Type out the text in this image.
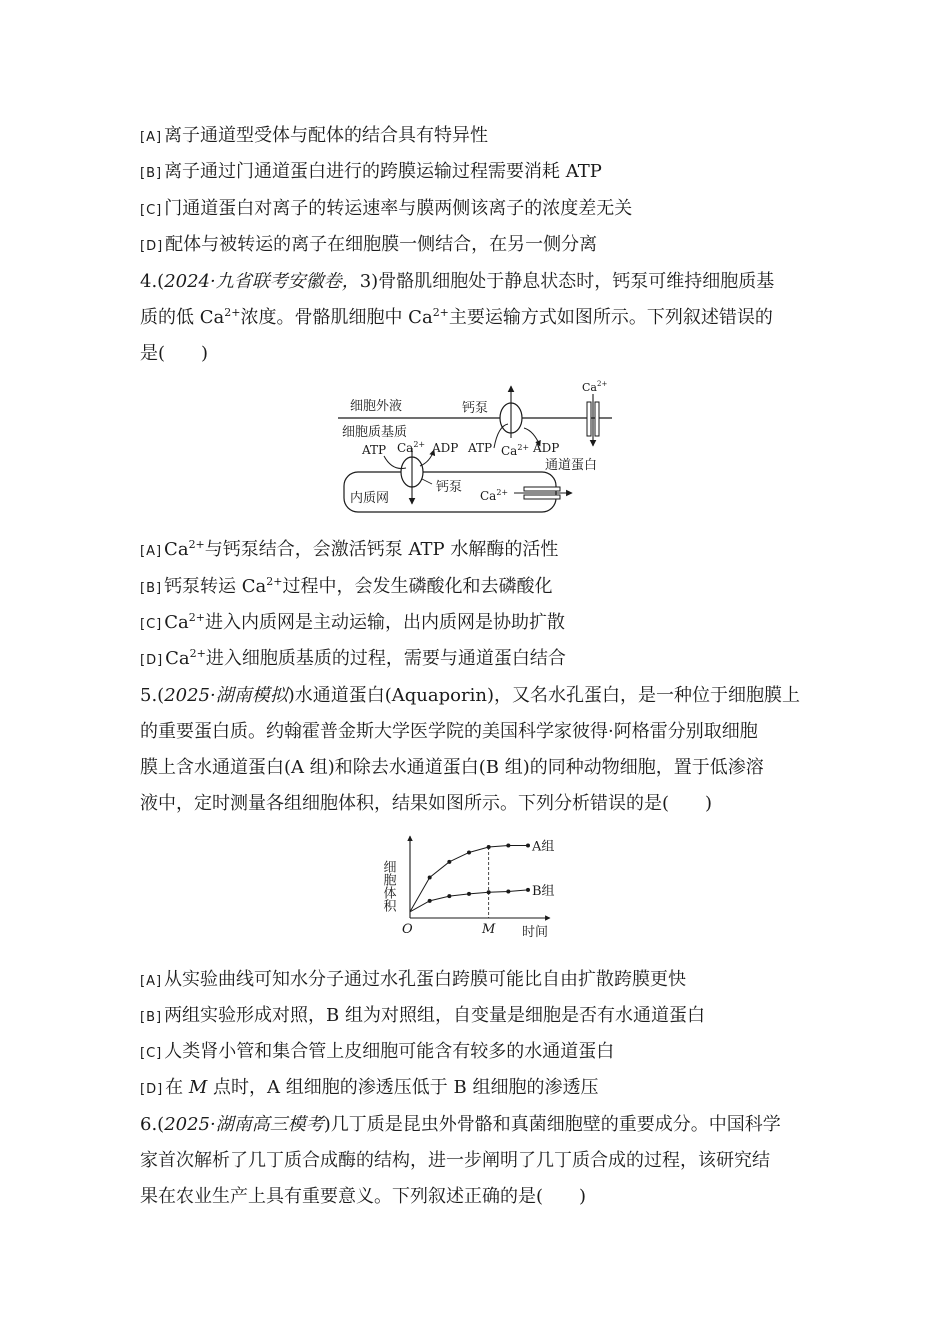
[A] 离子通道型受体与配体的结合具有特异性
[B] 离子通过门通道蛋白进行的跨膜运输过程需要消耗 ATP
[C] 门通道蛋白对离子的转运速率与膜两侧该离子的浓度差无关
[D] 配体与被转运的离子在细胞膜一侧结合，在另一侧分离
4.(2024·九省联考安徽卷，3)骨骼肌细胞处于静息状态时，钙泵可维持细胞质基
质的低 $Ca^{2+}$浓度。骨骼肌细胞中 $Ca^{2+}$主要运输方式如图所示。下列叙述错误的
是(　　)
细胞外液
细胞质基质
钙泵
ATP $Ca^{2+}$ ADP
$Ca^{2+}$
通道蛋白
内质网
ATP $Ca^{2+}$ ADP
钙泵
$Ca^{2+}$
[A] $Ca^{2+}$与钙泵结合，会激活钙泵 ATP 水解酶的活性
[B] 钙泵转运 $Ca^{2+}$过程中，会发生磷酸化和去磷酸化
[C] $Ca^{2+}$进入内质网是主动运输，出内质网是协助扩散
[D] $Ca^{2+}$进入细胞质基质的过程，需要与通道蛋白结合
5.(2025·湖南模拟)水通道蛋白(Aquaporin)，又名水孔蛋白，是一种位于细胞膜上
的重要蛋白质。约翰霍普金斯大学医学院的美国科学家彼得·阿格雷分别取细胞
膜上含水通道蛋白(A 组)和除去水通道蛋白(B 组)的同种动物细胞，置于低渗溶
液中，定时测量各组细胞体积，结果如图所示。下列分析错误的是(　　)
细胞体积
时间
O	M
A组
B组
[A] 从实验曲线可知水分子通过水孔蛋白跨膜可能比自由扩散跨膜更快
[B] 两组实验形成对照，B 组为对照组，自变量是细胞是否有水通道蛋白
[C] 人类肾小管和集合管上皮细胞可能含有较多的水通道蛋白
[D] 在 M 点时，A 组细胞的渗透压低于 B 组细胞的渗透压
6.(2025·湖南高三模考)几丁质是昆虫外骨骼和真菌细胞壁的重要成分。中国科学
家首次解析了几丁质合成酶的结构，进一步阐明了几丁质合成的过程，该研究结
果在农业生产上具有重要意义。下列叙述正确的是(　　)
